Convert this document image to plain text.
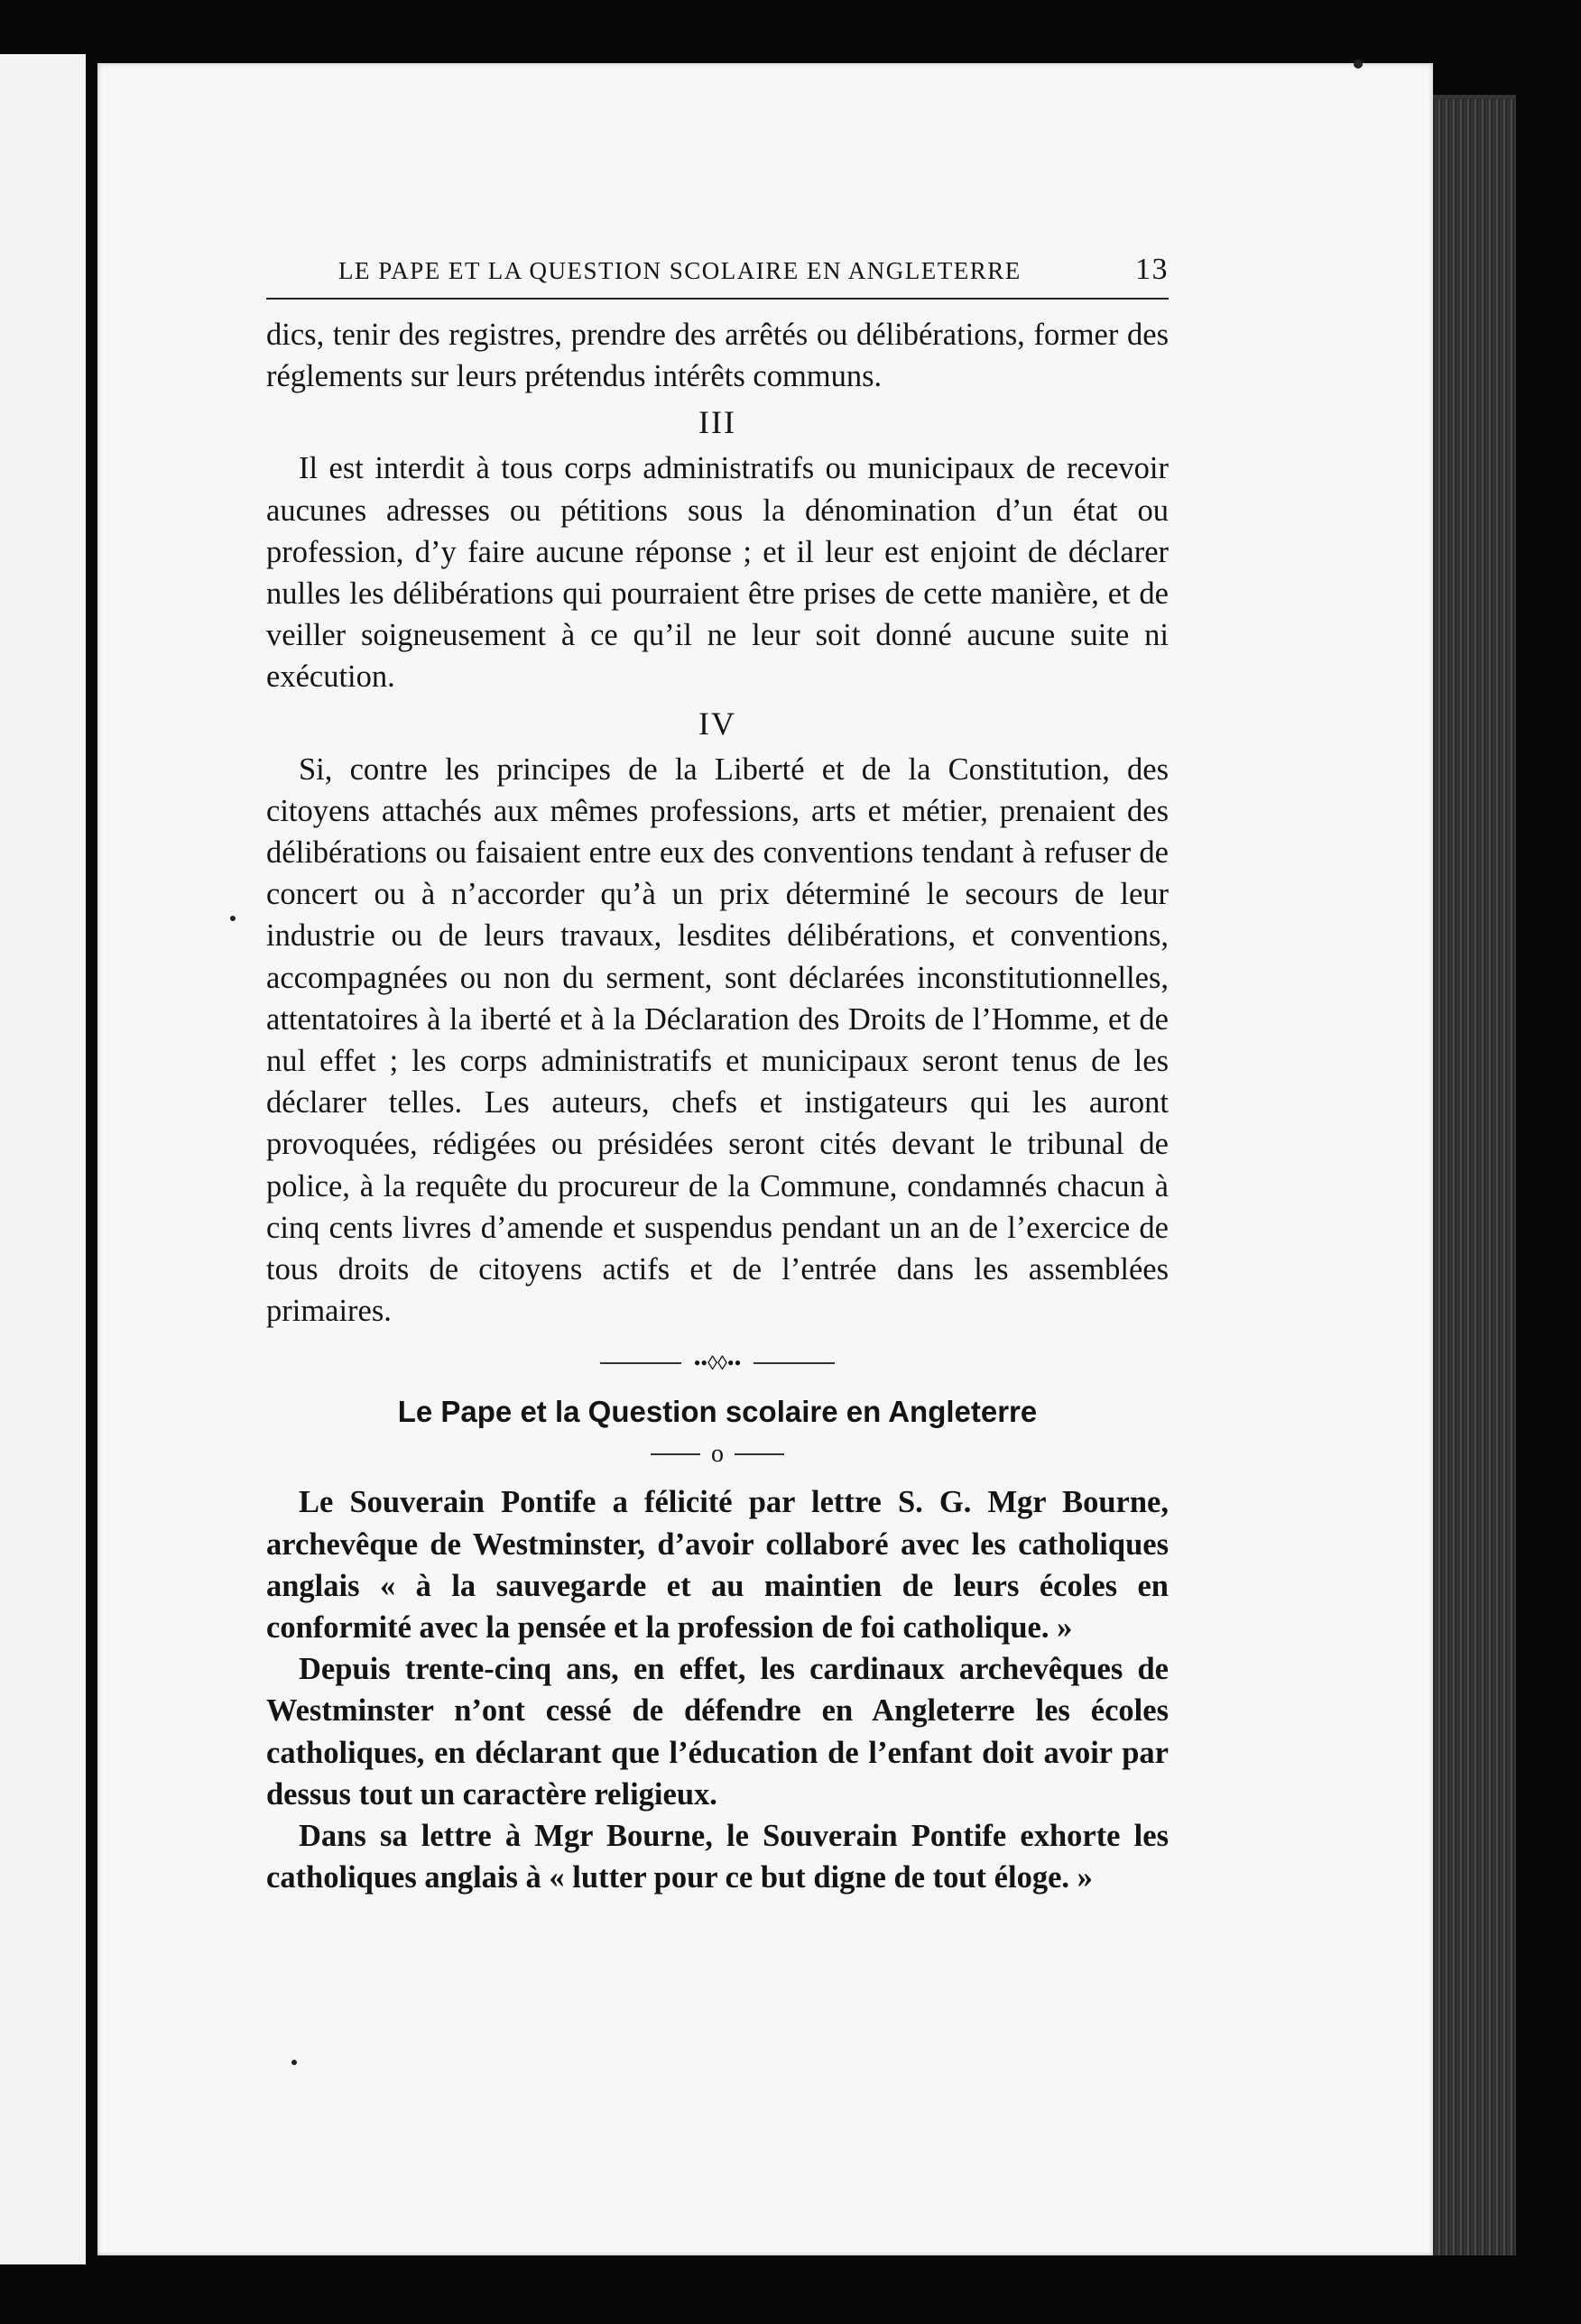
LE PAPE ET LA QUESTION SCOLAIRE EN ANGLETERRE	13

dics, tenir des registres, prendre des arrêtés ou délibérations, former des réglements sur leurs prétendus intérêts communs.

III

Il est interdit à tous corps administratifs ou municipaux de recevoir aucunes adresses ou pétitions sous la dénomination d’un état ou profession, d’y faire aucune réponse ; et il leur est enjoint de déclarer nulles les délibérations qui pourraient être prises de cette manière, et de veiller soigneusement à ce qu’il ne leur soit donné aucune suite ni exécution.

IV

Si, contre les principes de la Liberté et de la Constitution, des citoyens attachés aux mêmes professions, arts et métier, prenaient des délibérations ou faisaient entre eux des conventions tendant à refuser de concert ou à n’accorder qu’à un prix déterminé le secours de leur industrie ou de leurs travaux, lesdites délibérations, et conventions, accompagnées ou non du serment, sont déclarées inconstitutionnelles, attentatoires à la iberté et à la Déclaration des Droits de l’Homme, et de nul effet ; les corps administratifs et municipaux seront tenus de les déclarer telles. Les auteurs, chefs et instigateurs qui les auront provoquées, rédigées ou présidées seront cités devant le tribunal de police, à la requête du procureur de la Commune, condamnés chacun à cinq cents livres d’amende et suspendus pendant un an de l’exercice de tous droits de citoyens actifs et de l’entrée dans les assemblées primaires.

••◊◊••
Le Pape et la Question scolaire en Angleterre
o

Le Souverain Pontife a félicité par lettre S. G. Mgr Bourne, archevêque de Westminster, d’avoir collaboré avec les catholiques anglais « à la sauvegarde et au maintien de leurs écoles en conformité avec la pensée et la profession de foi catholique. »

Depuis trente-cinq ans, en effet, les cardinaux archevêques de Westminster n’ont cessé de défendre en Angleterre les écoles catholiques, en déclarant que l’éducation de l’enfant doit avoir par dessus tout un caractère religieux.

Dans sa lettre à Mgr Bourne, le Souverain Pontife exhorte les catholiques anglais à « lutter pour ce but digne de tout éloge. »
